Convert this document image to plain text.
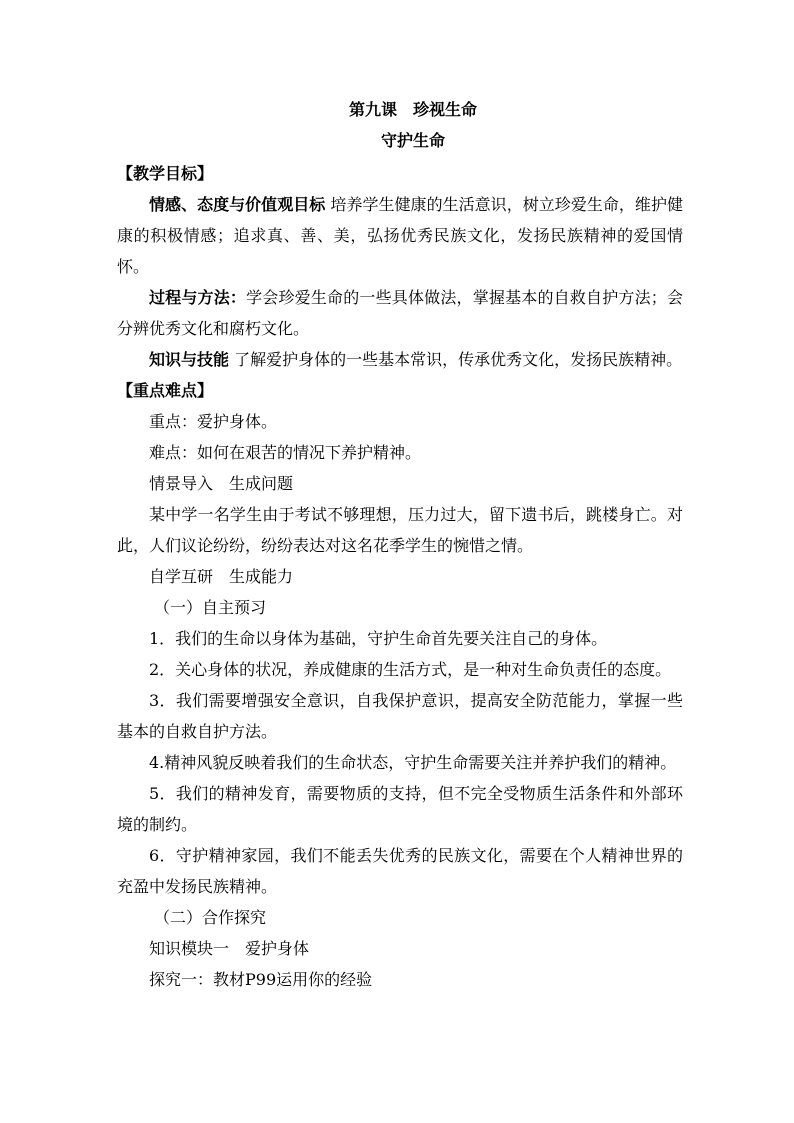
第九课　珍视生命
守护生命

【教学目标】

情感、态度与价值观目标 培养学生健康的生活意识，树立珍爱生命，维护健康的积极情感；追求真、善、美，弘扬优秀民族文化，发扬民族精神的爱国情怀。

过程与方法：学会珍爱生命的一些具体做法，掌握基本的自救自护方法；会分辨优秀文化和腐朽文化。

知识与技能 了解爱护身体的一些基本常识，传承优秀文化，发扬民族精神。

【重点难点】

重点：爱护身体。

难点：如何在艰苦的情况下养护精神。

情景导入　生成问题

某中学一名学生由于考试不够理想，压力过大，留下遗书后，跳楼身亡。对此，人们议论纷纷，纷纷表达对这名花季学生的惋惜之情。

自学互研　生成能力

（一）自主预习

1．我们的生命以身体为基础，守护生命首先要关注自己的身体。

2．关心身体的状况，养成健康的生活方式，是一种对生命负责任的态度。

3．我们需要增强安全意识，自我保护意识，提高安全防范能力，掌握一些基本的自救自护方法。

4.精神风貌反映着我们的生命状态，守护生命需要关注并养护我们的精神。

5．我们的精神发育，需要物质的支持，但不完全受物质生活条件和外部环境的制约。

6．守护精神家园，我们不能丢失优秀的民族文化，需要在个人精神世界的充盈中发扬民族精神。

（二）合作探究

知识模块一　爱护身体

探究一：教材P99运用你的经验
